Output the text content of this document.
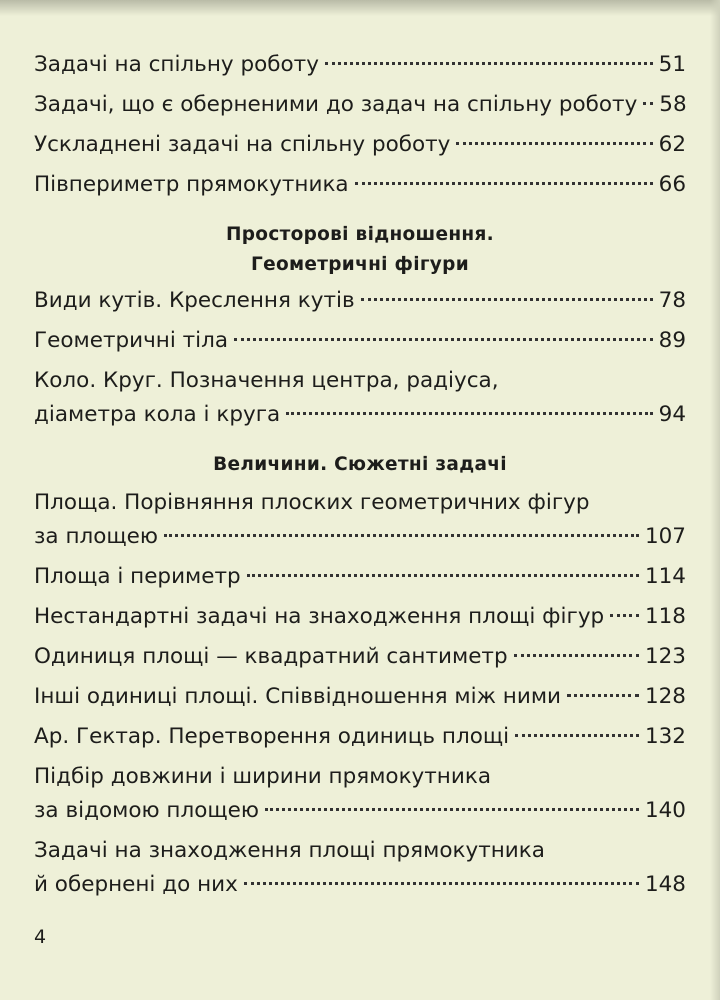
Задачі на спільну роботу	51
Задачі, що є оберненими до задач на спільну роботу 58
Ускладнені задачі на спільну роботу	62
Півпериметр прямокутника	66
Просторові відношення.
Геометричні фігури
Види кутів. Креслення кутів	78
Геометричні тіла	89
Коло. Круг. Позначення центра, радіуса,
діаметра кола і круга	94
Величини. Сюжетні задачі
Площа. Порівняння плоских геометричних фігур
за площею	107
Площа і периметр	114
Нестандартні задачі на знаходження площі фігур 118
Одиниця площі — квадратний сантиметр	123
Інші одиниці площі. Співвідношення між ними	128
Ар. Гектар. Перетворення одиниць площі	132
Підбір довжини і ширини прямокутника
за відомою площею	140
Задачі на знаходження площі прямокутника
й обернені до них	148
4
